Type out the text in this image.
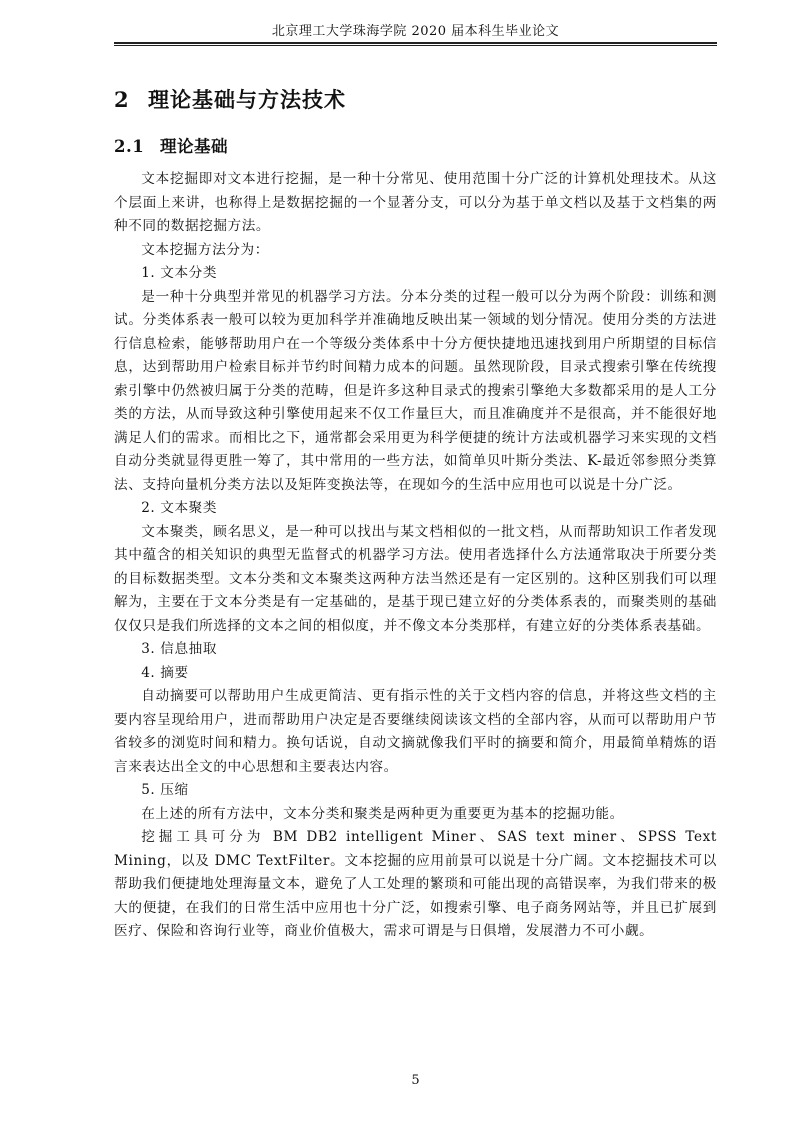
北京理工大学珠海学院 2020 届本科生毕业论文
2 理论基础与方法技术
2.1 理论基础

文本挖掘即对文本进行挖掘，是一种十分常见、使用范围十分广泛的计算机处理技术。从这个层面上来讲，也称得上是数据挖掘的一个显著分支，可以分为基于单文档以及基于文档集的两种不同的数据挖掘方法。

文本挖掘方法分为：

1. 文本分类

是一种十分典型并常见的机器学习方法。分本分类的过程一般可以分为两个阶段：训练和测试。分类体系表一般可以较为更加科学并准确地反映出某一领域的划分情况。使用分类的方法进行信息检索，能够帮助用户在一个等级分类体系中十分方便快捷地迅速找到用户所期望的目标信息，达到帮助用户检索目标并节约时间精力成本的问题。虽然现阶段，目录式搜索引擎在传统搜索引擎中仍然被归属于分类的范畴，但是许多这种目录式的搜索引擎绝大多数都采用的是人工分类的方法，从而导致这种引擎使用起来不仅工作量巨大，而且准确度并不是很高，并不能很好地满足人们的需求。而相比之下，通常都会采用更为科学便捷的统计方法或机器学习来实现的文档自动分类就显得更胜一筹了，其中常用的一些方法，如简单贝叶斯分类法、K-最近邻参照分类算法、支持向量机分类方法以及矩阵变换法等，在现如今的生活中应用也可以说是十分广泛。

2. 文本聚类

文本聚类，顾名思义，是一种可以找出与某文档相似的一批文档，从而帮助知识工作者发现其中蕴含的相关知识的典型无监督式的机器学习方法。使用者选择什么方法通常取决于所要分类的目标数据类型。文本分类和文本聚类这两种方法当然还是有一定区别的。这种区别我们可以理解为，主要在于文本分类是有一定基础的，是基于现已建立好的分类体系表的，而聚类则的基础仅仅只是我们所选择的文本之间的相似度，并不像文本分类那样，有建立好的分类体系表基础。

3. 信息抽取

4. 摘要

自动摘要可以帮助用户生成更简洁、更有指示性的关于文档内容的信息，并将这些文档的主要内容呈现给用户，进而帮助用户决定是否要继续阅读该文档的全部内容，从而可以帮助用户节省较多的浏览时间和精力。换句话说，自动文摘就像我们平时的摘要和简介，用最简单精炼的语言来表达出全文的中心思想和主要表达内容。

5. 压缩

在上述的所有方法中，文本分类和聚类是两种更为重要更为基本的挖掘功能。

挖掘工具可分为 BM DB2 intelligent Miner、SAS text miner、SPSS Text Mining，以及 DMC TextFilter。文本挖掘的应用前景可以说是十分广阔。文本挖掘技术可以帮助我们便捷地处理海量文本，避免了人工处理的繁琐和可能出现的高错误率，为我们带来的极大的便捷，在我们的日常生活中应用也十分广泛，如搜索引擎、电子商务网站等，并且已扩展到医疗、保险和咨询行业等，商业价值极大，需求可谓是与日俱增，发展潜力不可小觑。

5
